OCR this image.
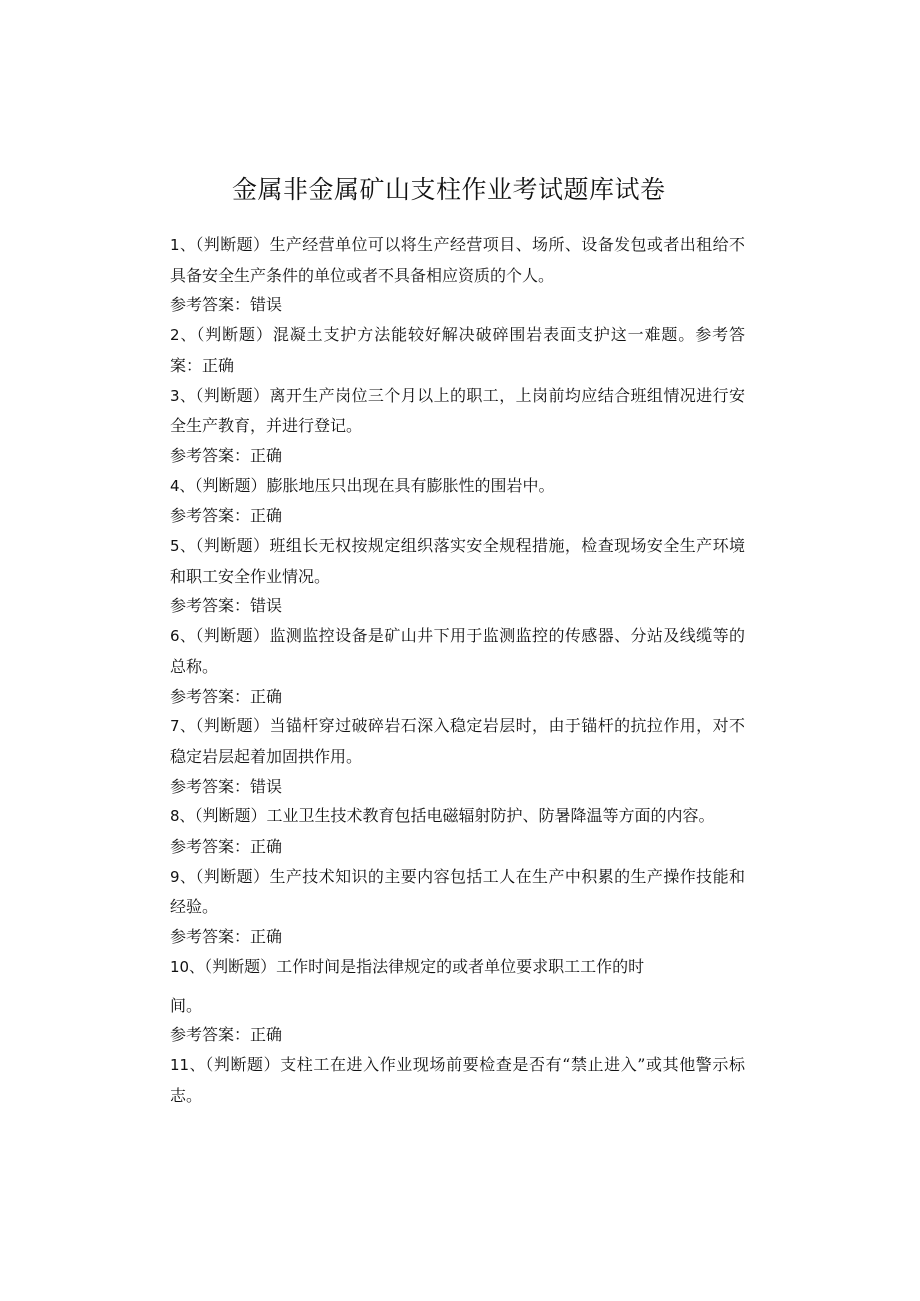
金属非金属矿山支柱作业考试题库试卷

1、（判断题）生产经营单位可以将生产经营项目、场所、设备发包或者出租给不具备安全生产条件的单位或者不具备相应资质的个人。

参考答案：错误

2、（判断题）混凝土支护方法能较好解决破碎围岩表面支护这一难题。参考答案：正确

3、（判断题）离开生产岗位三个月以上的职工，上岗前均应结合班组情况进行安全生产教育，并进行登记。

参考答案：正确

4、（判断题）膨胀地压只出现在具有膨胀性的围岩中。

参考答案：正确

5、（判断题）班组长无权按规定组织落实安全规程措施，检查现场安全生产环境和职工安全作业情况。

参考答案：错误

6、（判断题）监测监控设备是矿山井下用于监测监控的传感器、分站及线缆等的总称。

参考答案：正确

7、（判断题）当锚杆穿过破碎岩石深入稳定岩层时，由于锚杆的抗拉作用，对不稳定岩层起着加固拱作用。

参考答案：错误

8、（判断题）工业卫生技术教育包括电磁辐射防护、防暑降温等方面的内容。

参考答案：正确

9、（判断题）生产技术知识的主要内容包括工人在生产中积累的生产操作技能和经验。

参考答案：正确

10、（判断题）工作时间是指法律规定的或者单位要求职工工作的时
间。

参考答案：正确

11、（判断题）支柱工在进入作业现场前要检查是否有“禁止进入”或其他警示标志。
